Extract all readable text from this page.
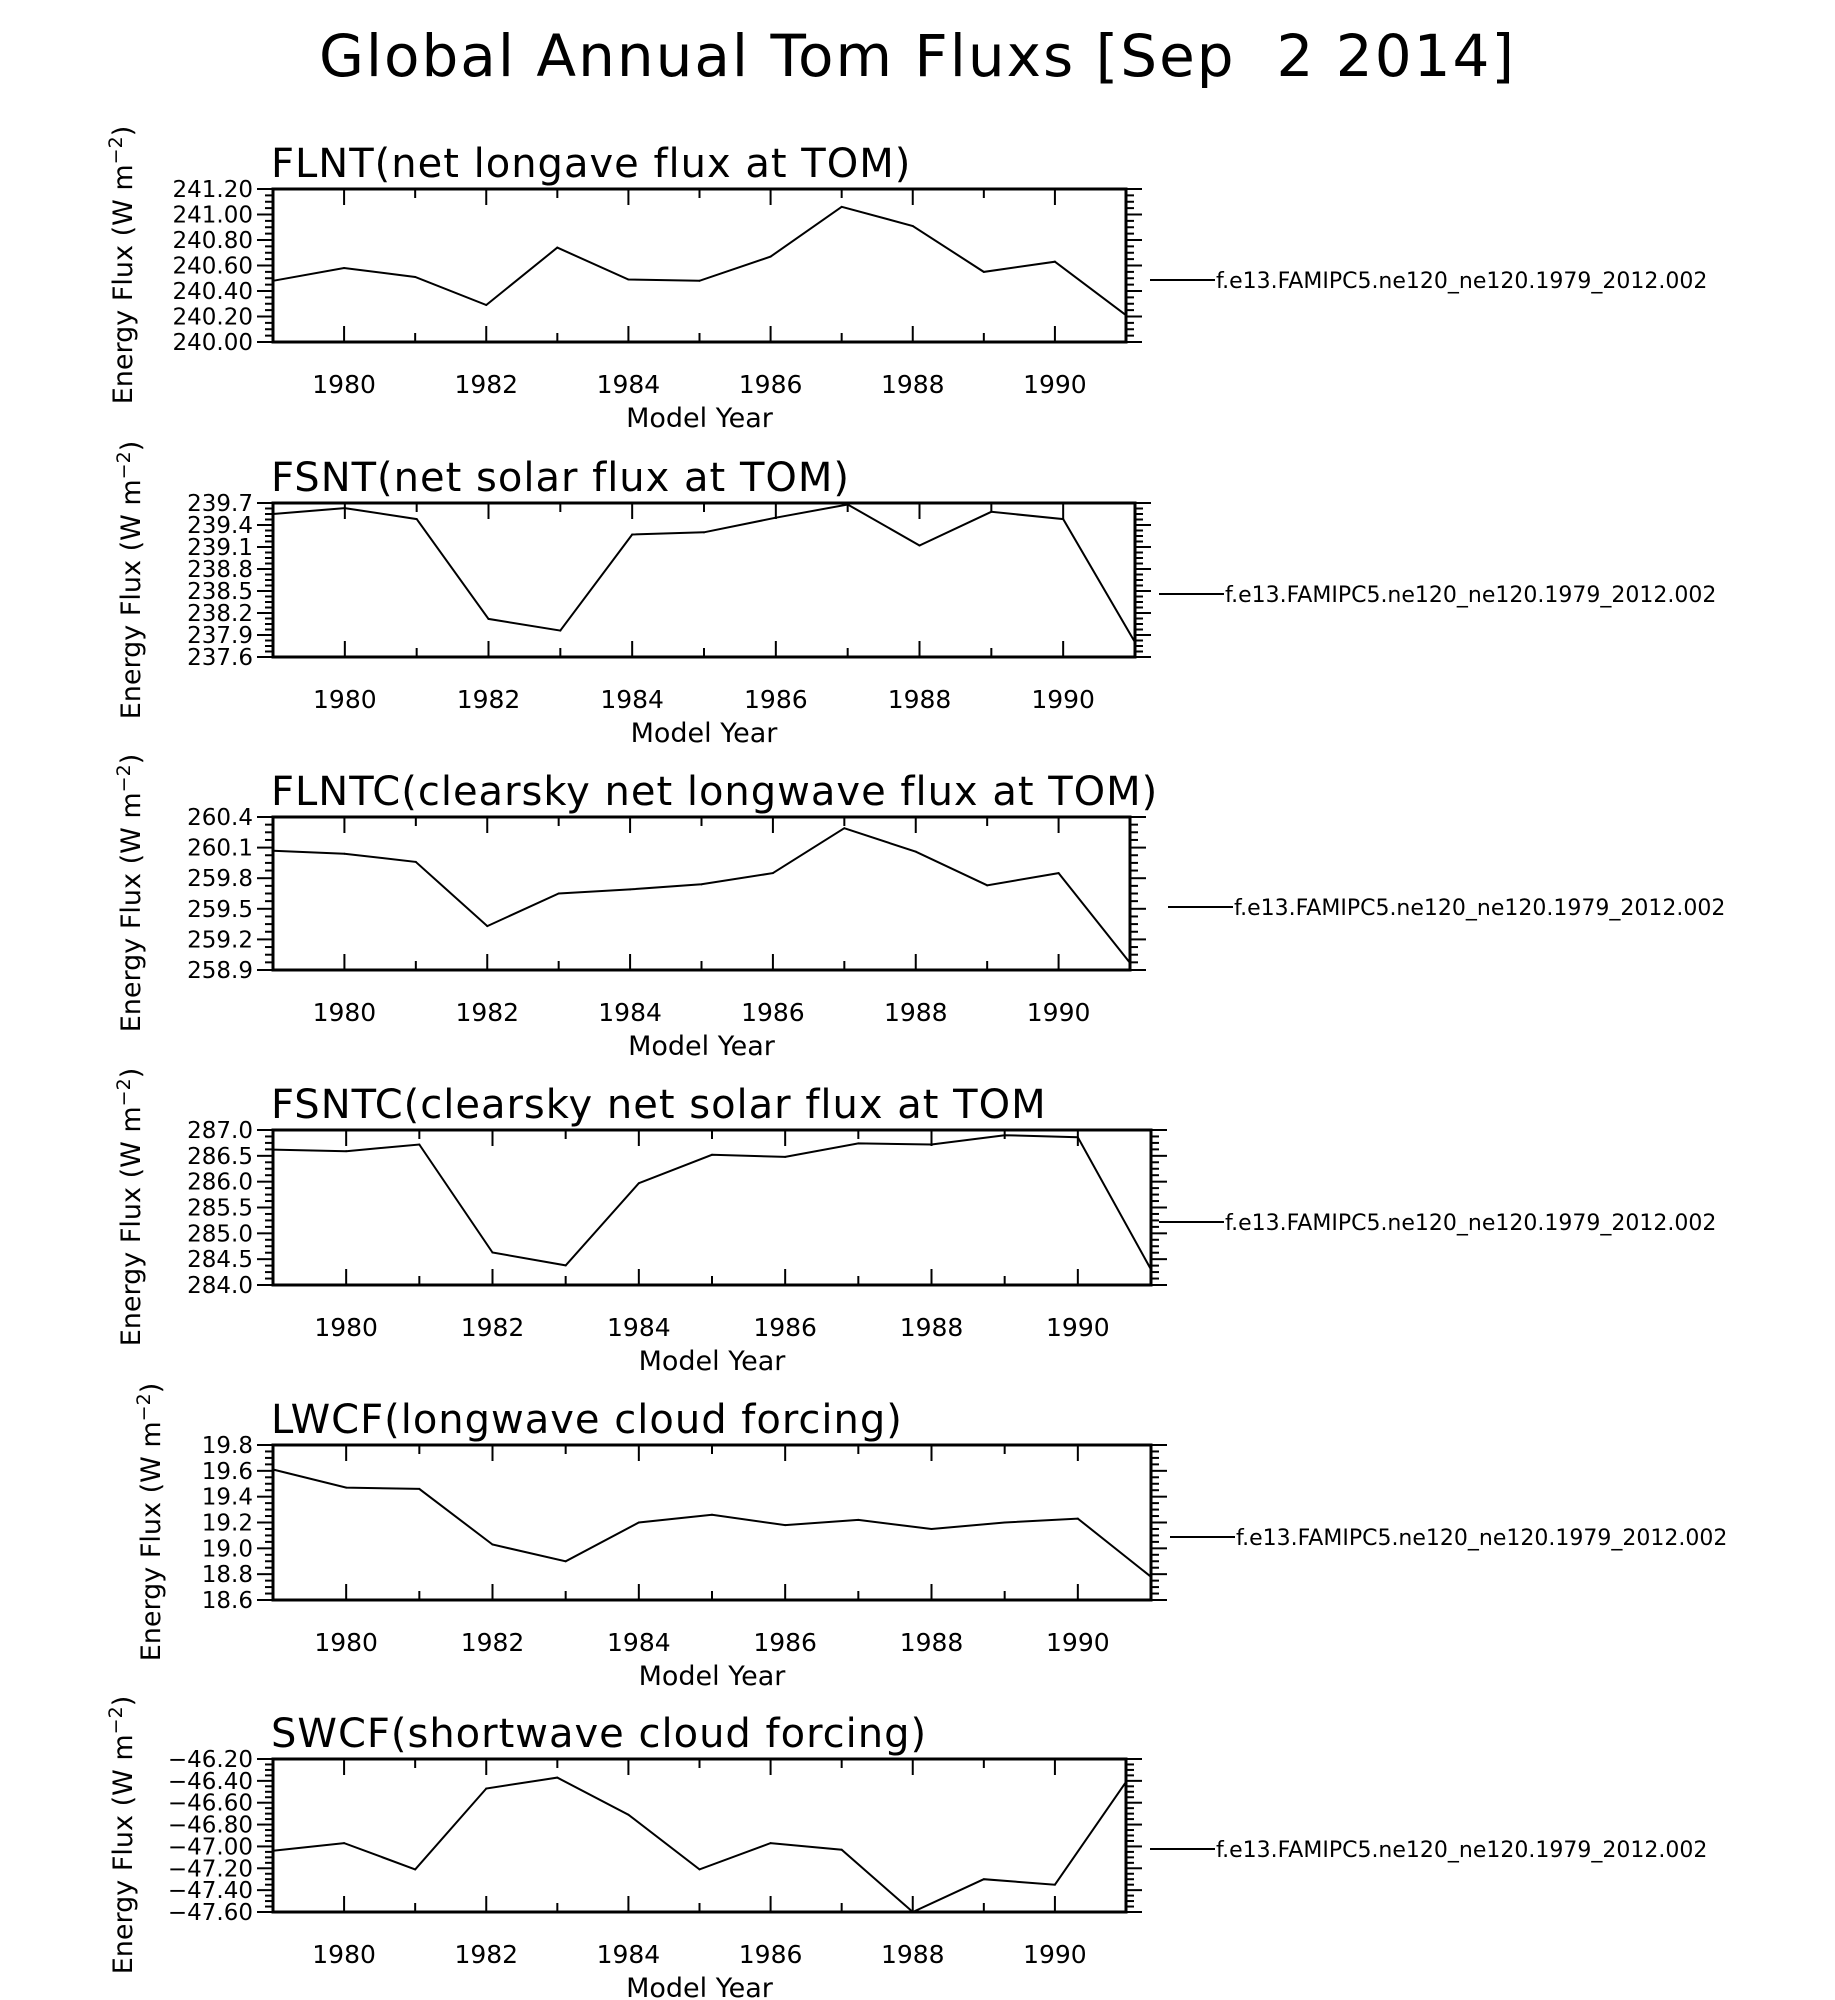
Global Annual Tom Fluxs [Sep  2 2014]
FLNT(net longave flux at TOM)
1980	1982	1984	1986	1988	1990
240.00
240.20
240.40
240.60
240.80
241.00
241.20
Model Year
Energy Flux (W $m^{-2}$)
f.e13.FAMIPC5.ne120_ne120.1979_2012.002
FSNT(net solar flux at TOM)
1980	1982	1984	1986	1988	1990
237.6
237.9
238.2
238.5
238.8
239.1
239.4
239.7
Model Year
Energy Flux (W $m^{-2}$)
f.e13.FAMIPC5.ne120_ne120.1979_2012.002
FLNTC(clearsky net longwave flux at TOM)
1980	1982	1984	1986	1988	1990
258.9
259.2
259.5
259.8
260.1
260.4
Model Year
Energy Flux (W $m^{-2}$)
f.e13.FAMIPC5.ne120_ne120.1979_2012.002
FSNTC(clearsky net solar flux at TOM
1980	1982	1984	1986	1988	1990
284.0
284.5
285.0
285.5
286.0
286.5
287.0
Model Year
Energy Flux (W $m^{-2}$)
f.e13.FAMIPC5.ne120_ne120.1979_2012.002
LWCF(longwave cloud forcing)
1980	1982	1984	1986	1988	1990
18.6
18.8
19.0
19.2
19.4
19.6
19.8
Model Year
Energy Flux (W $m^{-2}$)
f.e13.FAMIPC5.ne120_ne120.1979_2012.002
SWCF(shortwave cloud forcing)
1980	1982	1984	1986	1988	1990
−47.60
−47.40
−47.20
−47.00
−46.80
−46.60
−46.40
−46.20
Model Year
Energy Flux (W $m^{-2}$)
f.e13.FAMIPC5.ne120_ne120.1979_2012.002
